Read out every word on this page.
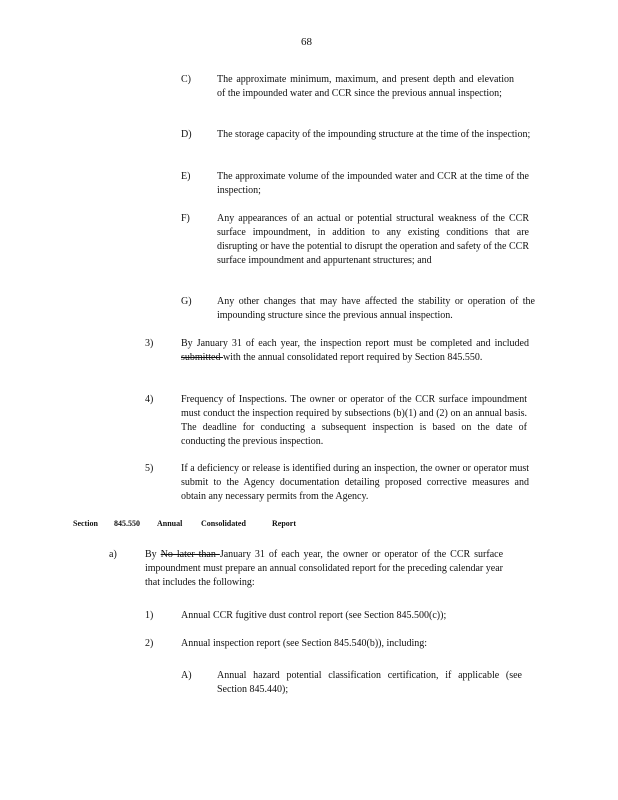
68
C)	The approximate minimum, maximum, and present depth and elevation of the impounded water and CCR since the previous annual inspection;
D)	The storage capacity of the impounding structure at the time of the inspection;
E)	The approximate volume of the impounded water and CCR at the time of the inspection;
F)	Any appearances of an actual or potential structural weakness of the CCR surface impoundment, in addition to any existing conditions that are disrupting or have the potential to disrupt the operation and safety of the CCR surface impoundment and appurtenant structures; and
G)	Any other changes that may have affected the stability or operation of the impounding structure since the previous annual inspection.
3)	By January 31 of each year, the inspection report must be completed and included submitted with the annual consolidated report required by Section 845.550.
4)	Frequency of Inspections. The owner or operator of the CCR surface impoundment must conduct the inspection required by subsections (b)(1) and (2) on an annual basis. The deadline for conducting a subsequent inspection is based on the date of conducting the previous inspection.
5)	If a deficiency or release is identified during an inspection, the owner or operator must submit to the Agency documentation detailing proposed corrective measures and obtain any necessary permits from the Agency.
Section 845.550 Annual Consolidated	Report
a)	By No later than January 31 of each year, the owner or operator of the CCR surface impoundment must prepare an annual consolidated report for the preceding calendar year that includes the following:
1)	Annual CCR fugitive dust control report (see Section 845.500(c));
2)	Annual inspection report (see Section 845.540(b)), including:
A)	Annual hazard potential classification certification, if applicable (see Section 845.440);
